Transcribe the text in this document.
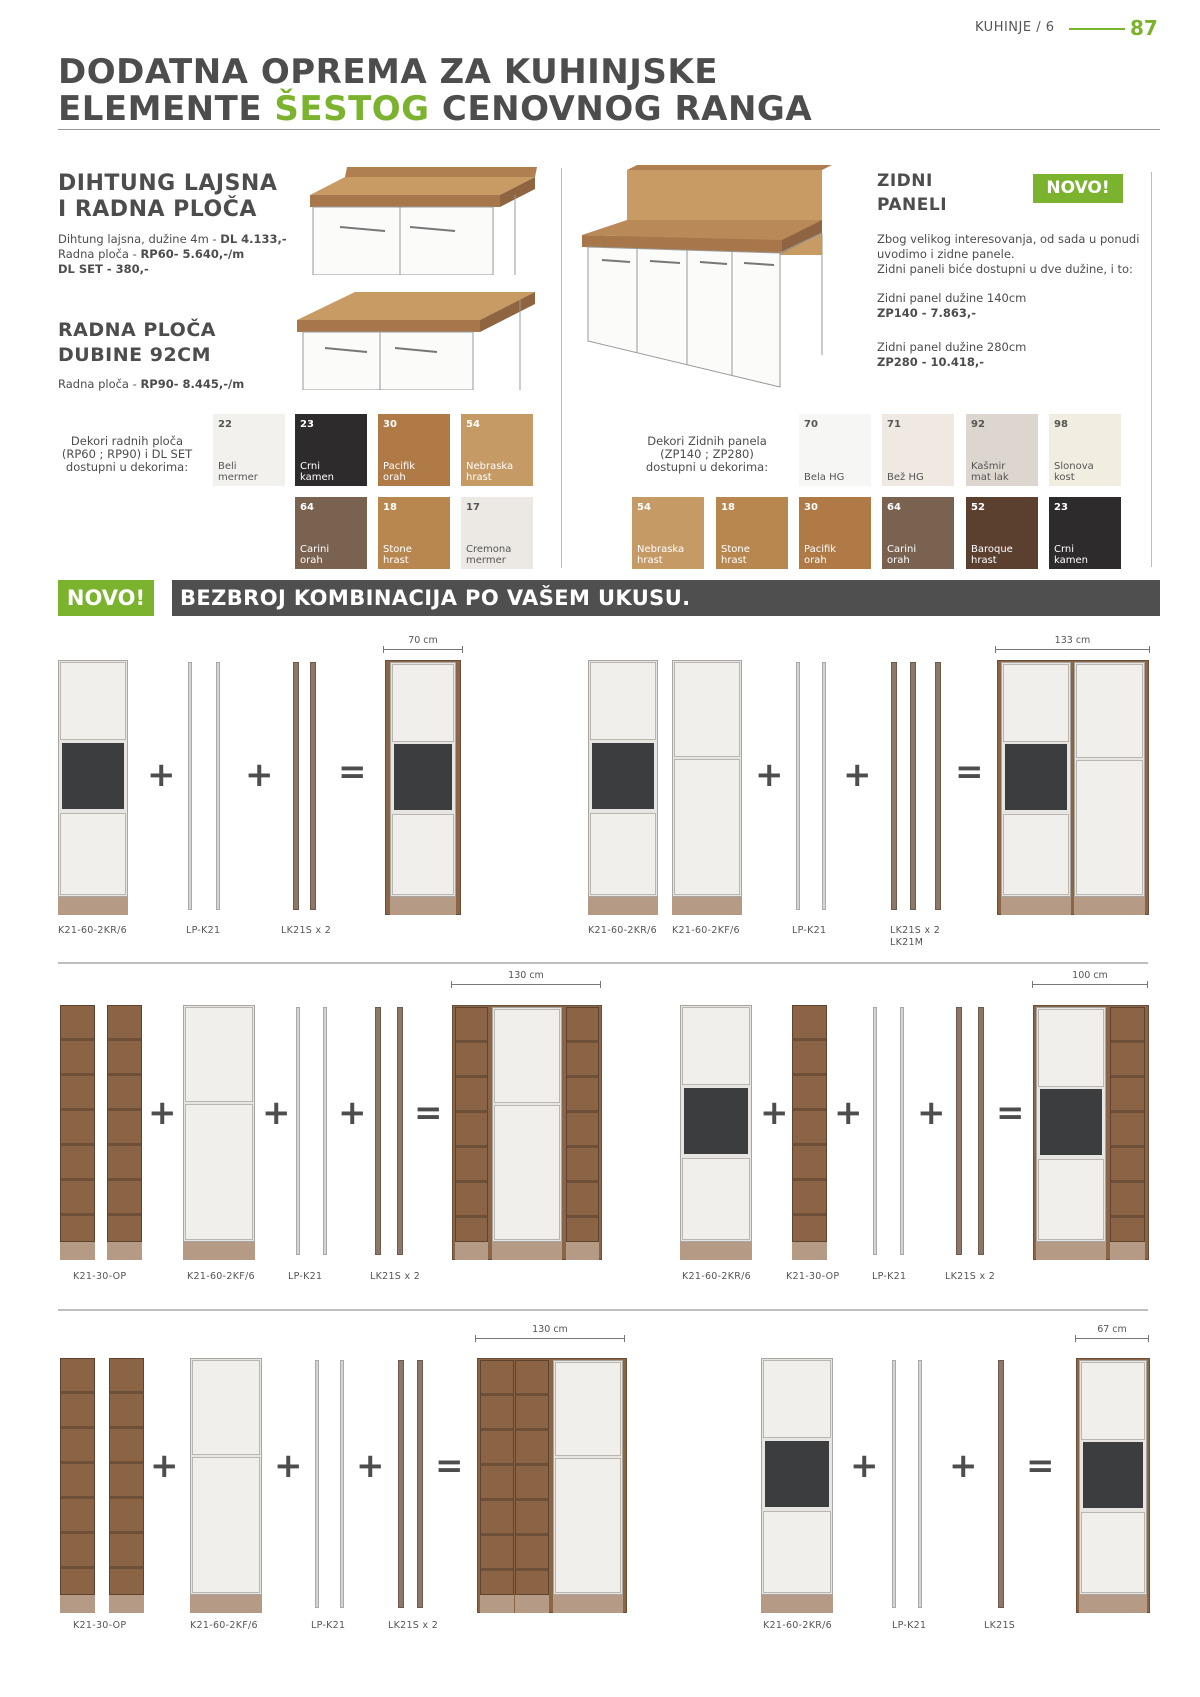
KUHINJE / 6	87
DODATNA OPREMA ZA KUHINJSKE
ELEMENTE ŠESTOG CENOVNOG RANGA
DIHTUNG LAJSNA
I RADNA PLOČA
Dihtung lajsna, dužine 4m - DL 4.133,-
Radna ploča - RP60- 5.640,-/m
DL SET - 380,-
RADNA PLOČA
DUBINE 92CM
Radna ploča - RP90- 8.445,-/m
ZIDNI
PANELI
NOVO!
Zbog velikog interesovanja, od sada u ponudi
uvodimo i zidne panele.
Zidni paneli biće dostupni u dve dužine, i to:
Zidni panel dužine 140cm
ZP140 - 7.863,-
Zidni panel dužine 280cm
ZP280 - 10.418,-
Dekori radnih ploča
(RP60 ; RP90) i DL SET
dostupni u dekorima:
22
Beli
mermer
23
Crni
kamen
30
Pacifik
orah
54
Nebraska
hrast
64
Carini
orah
18
Stone
hrast
17
Cremona
mermer
Dekori Zidnih panela
(ZP140 ; ZP280)
dostupni u dekorima:
70
Bela HG
71
Bež HG
92
Kašmir
mat lak
98
Slonova
kost
54
Nebraska
hrast
18
Stone
hrast
30
Pacifik
orah
64
Carini
orah
52
Baroque
hrast
23
Crni
kamen
NOVO!	BEZBROJ KOMBINACIJA PO VAŠEM UKUSU.
+ + =
70 cm
K21-60-2KR/6	LP-K21	LK21S x 2
+ + =
133 cm
K21-60-2KR/6 K21-60-2KF/6	LP-K21	LK21S x 2
LK21M
+	+ + =
130 cm
K21-30-OP	K21-60-2KF/6	LP-K21	LK21S x 2
+ + + =
100 cm
K21-60-2KR/6	K21-30-OP	LP-K21	LK21S x 2
+	+ + =
130 cm
K21-30-OP	K21-60-2KF/6	LP-K21	LK21S x 2
+ + =
67 cm
K21-60-2KR/6	LP-K21	LK21S
